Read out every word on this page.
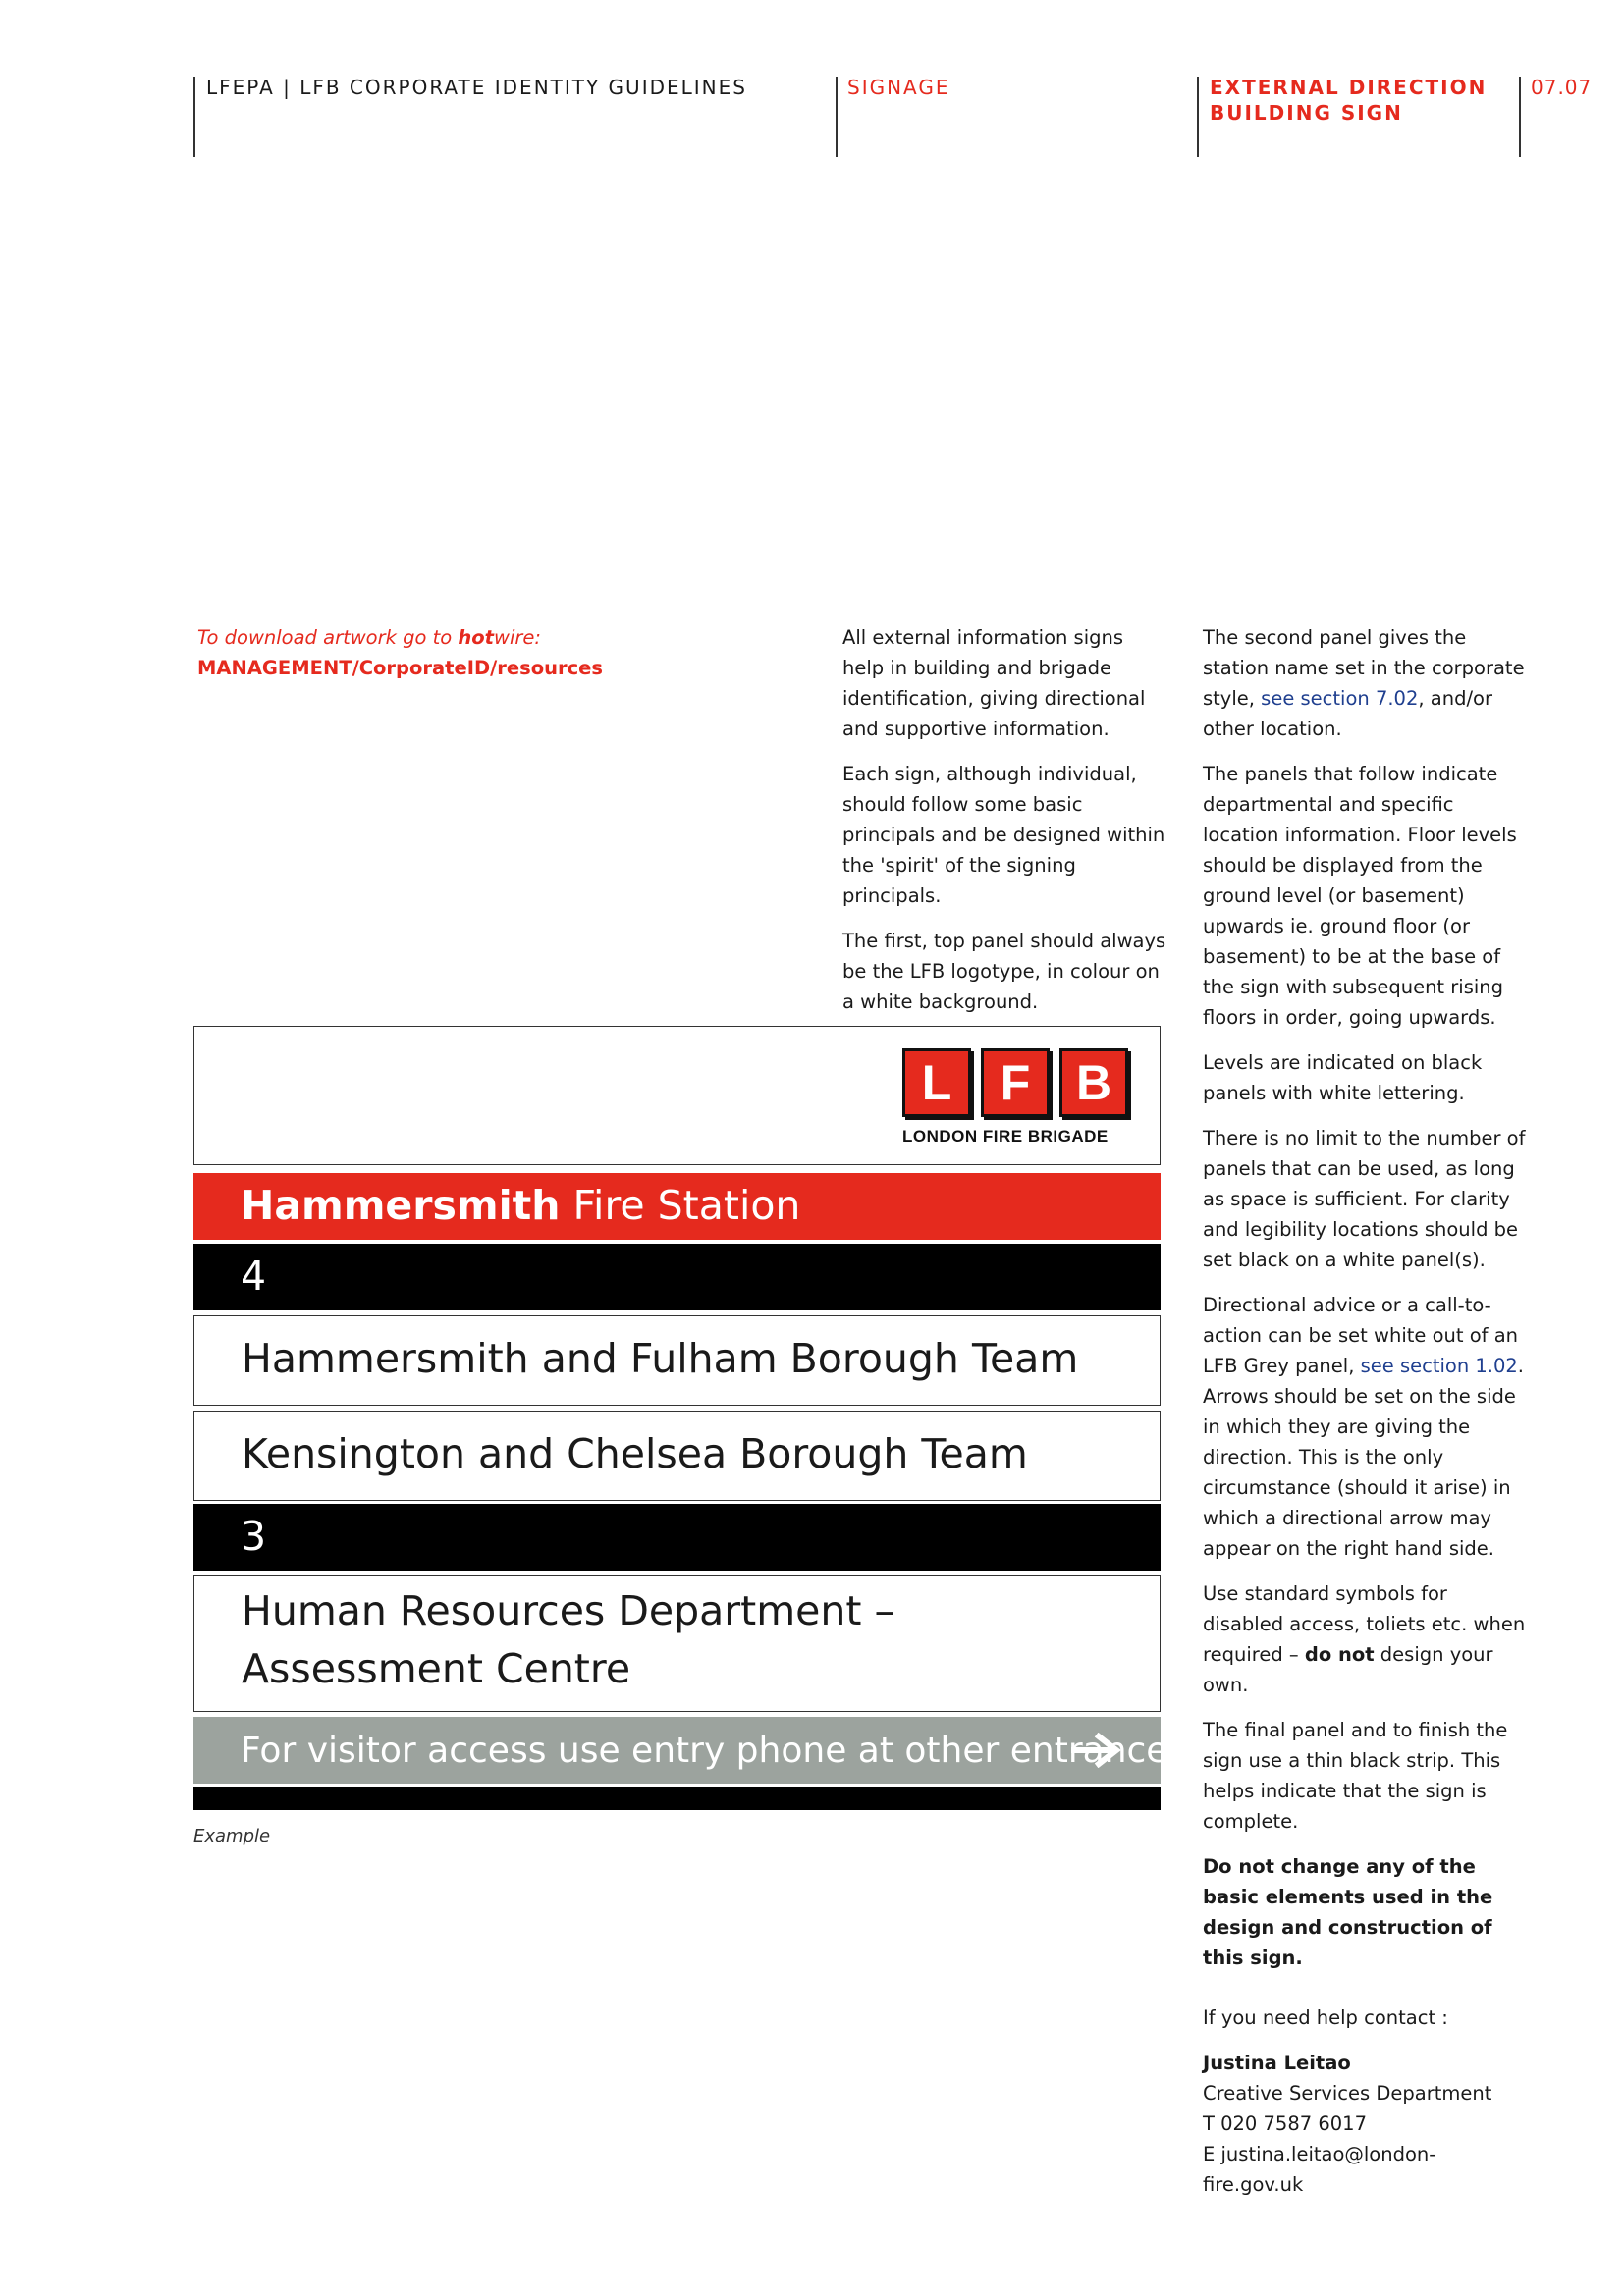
LFEPA | LFB CORPORATE IDENTITY GUIDELINES	SIGNAGE	EXTERNAL DIRECTION
BUILDING SIGN
07.07
To download artwork go to hotwire:
MANAGEMENT/CorporateID/resources

All external information signs help in building and brigade identification, giving directional and supportive information.

Each sign, although individual, should follow some basic principals and be designed within the 'spirit' of the signing principals.

The first, top panel should always be the LFB logotype, in colour on a white background.

The second panel gives the station name set in the corporate style, see section 7.02, and/or other location.

The panels that follow indicate departmental and specific location information. Floor levels should be displayed from the ground level (or basement) upwards ie. ground floor (or basement) to be at the base of the sign with subsequent rising floors in order, going upwards.

Levels are indicated on black panels with white lettering.

There is no limit to the number of panels that can be used, as long as space is sufficient. For clarity and legibility locations should be set black on a white panel(s).

Directional advice or a call-to-action can be set white out of an LFB Grey panel, see section 1.02. Arrows should be set on the side in which they are giving the direction. This is the only circumstance (should it arise) in which a directional arrow may appear on the right hand side.

Use standard symbols for disabled access, toliets etc. when required – do not design your own.

The final panel and to finish the sign use a thin black strip. This helps indicate that the sign is complete.

Do not change any of the basic elements used in the design and construction of this sign.

If you need help contact :

Justina Leitao
Creative Services Department
T 020 7587 6017
E justina.leitao@london-fire.gov.uk
L F B
LONDON FIRE BRIGADE
Hammersmith Fire Station
4
Hammersmith and Fulham Borough Team
Kensington and Chelsea Borough Team
3
Human Resources Department –
Assessment Centre
For visitor access use entry phone at other entrance
Example
